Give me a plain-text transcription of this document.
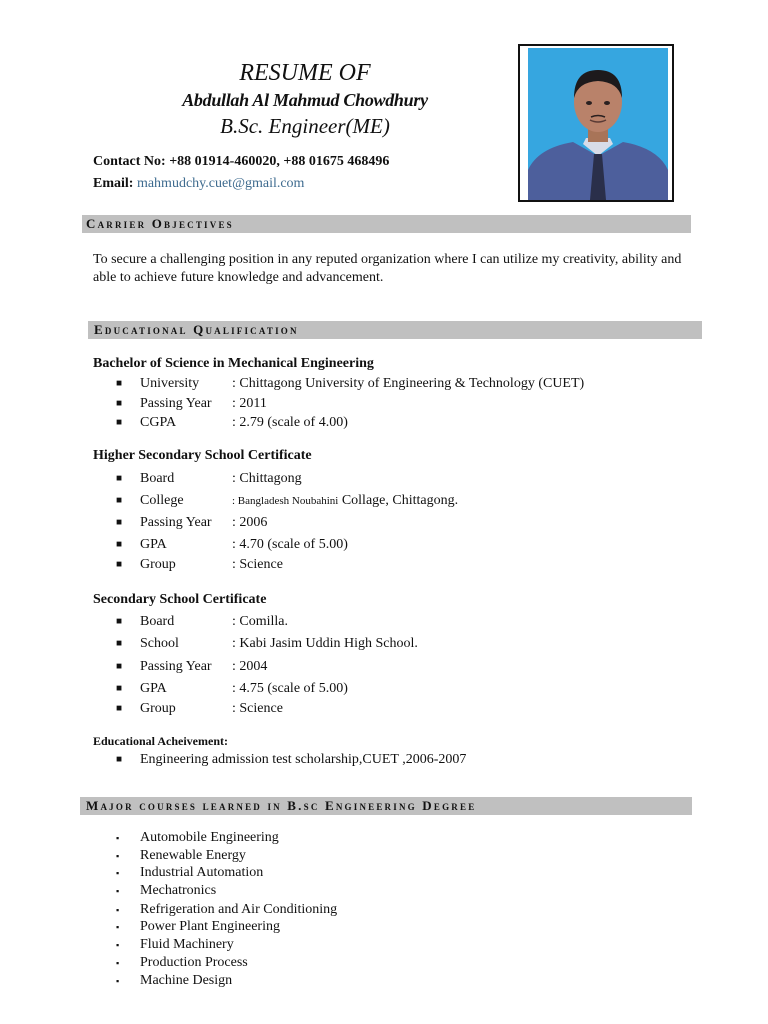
RESUME OF
Abdullah Al Mahmud Chowdhury
B.Sc. Engineer(ME)
Contact No: +88 01914-460020, +88 01675 468496
Email: mahmudchy.cuet@gmail.com
Carrier Objectives
To secure a challenging position in any reputed organization where I can utilize my creativity, ability and able to achieve future knowledge and advancement.
Educational Qualification
Bachelor of Science in Mechanical Engineering
■ University : Chittagong University of Engineering & Technology (CUET)
■ Passing Year : 2011
■ CGPA	: 2.79 (scale of 4.00)
Higher Secondary School Certificate
■ Board	: Chittagong
■ College	: Bangladesh Noubahini Collage, Chittagong.
■ Passing Year : 2006
■ GPA	: 4.70 (scale of 5.00)
■ Group	: Science
Secondary School Certificate
■ Board	: Comilla.
■ School	: Kabi Jasim Uddin High School.
■ Passing Year : 2004
■ GPA	: 4.75 (scale of 5.00)
■ Group	: Science
Educational Acheivement:
■ Engineering admission test scholarship,CUET ,2006-2007
Major courses learned in B.sc Engineering Degree
▪ Automobile Engineering
▪ Renewable Energy
▪ Industrial Automation
▪ Mechatronics
▪ Refrigeration and Air Conditioning
▪ Power Plant Engineering
▪ Fluid Machinery
▪ Production Process
▪ Machine Design
